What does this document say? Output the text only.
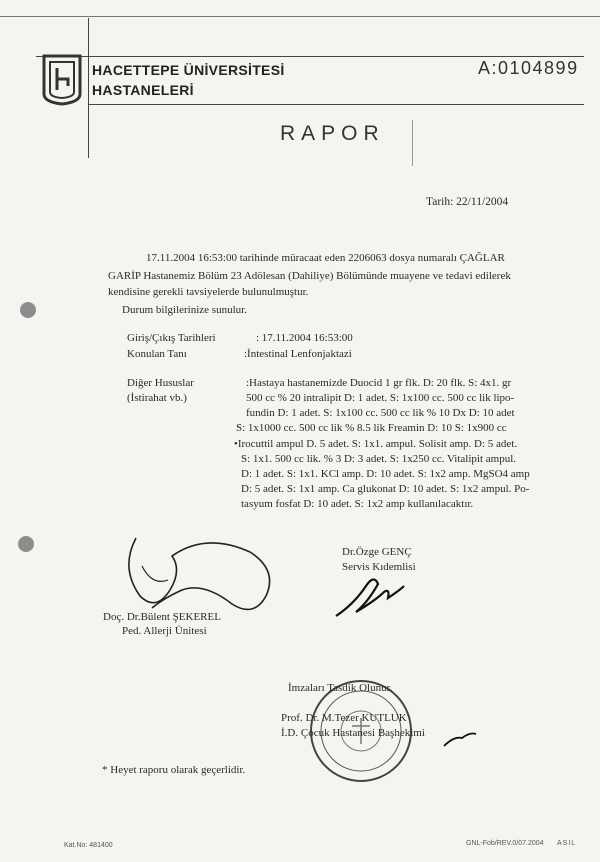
HACETTEPE ÜNİVERSİTESİ
HASTANELERİ
A:0104899
RAPOR
Tarih: 22/11/2004
17.11.2004 16:53:00 tarihinde müracaat eden 2206063 dosya numaralı ÇAĞLAR
GARİP Hastanemiz Bölüm 23 Adölesan (Dahiliye) Bölümünde muayene ve tedavi edilerek
kendisine gerekli tavsiyelerde bulunulmuştur.
Durum bilgilerinize sunulur.
Giriş/Çıkış Tarihleri	: 17.11.2004 16:53:00
Konulan Tanı	:İntestinal Lenfonjaktazi
Diğer Hususlar
(İstirahat vb.)
:Hastaya hastanemizde Duocid 1 gr flk. D: 20 flk. S: 4x1. gr
500 cc % 20 intralipit D: 1 adet. S: 1x100 cc. 500 cc lik lipo-
fundin D: 1 adet. S: 1x100 cc. 500 cc lik % 10 Dx D: 10 adet
S: 1x1000 cc. 500 cc lik % 8.5 lik Freamin D: 10 S: 1x900 cc
•Irocuttil ampul D. 5 adet. S: 1x1. ampul. Solisit amp. D: 5 adet.
S: 1x1. 500 cc lik. % 3 D: 3 adet. S: 1x250 cc. Vitalipit ampul.
D: 1 adet. S: 1x1. KCl amp. D: 10 adet. S: 1x2 amp. MgSO4 amp
D: 5 adet. S: 1x1 amp. Ca glukonat D: 10 adet. S: 1x2 ampul. Po-
tasyum fosfat D: 10 adet. S: 1x2 amp kullanılacaktır.
Dr.Özge GENÇ
Servis Kıdemlisi
Doç. Dr.Bülent ŞEKEREL
Ped. Allerji Ünitesi
İmzaları Tasdik Olunur.
Prof. Dr. M.Tezer KUTLUK
İ.D. Çocuk Hastanesi Başhekimi
* Heyet raporu olarak geçerlidir.
Kat.No: 481400	GNL-Fob/REV.0/07.2004 ASIL
